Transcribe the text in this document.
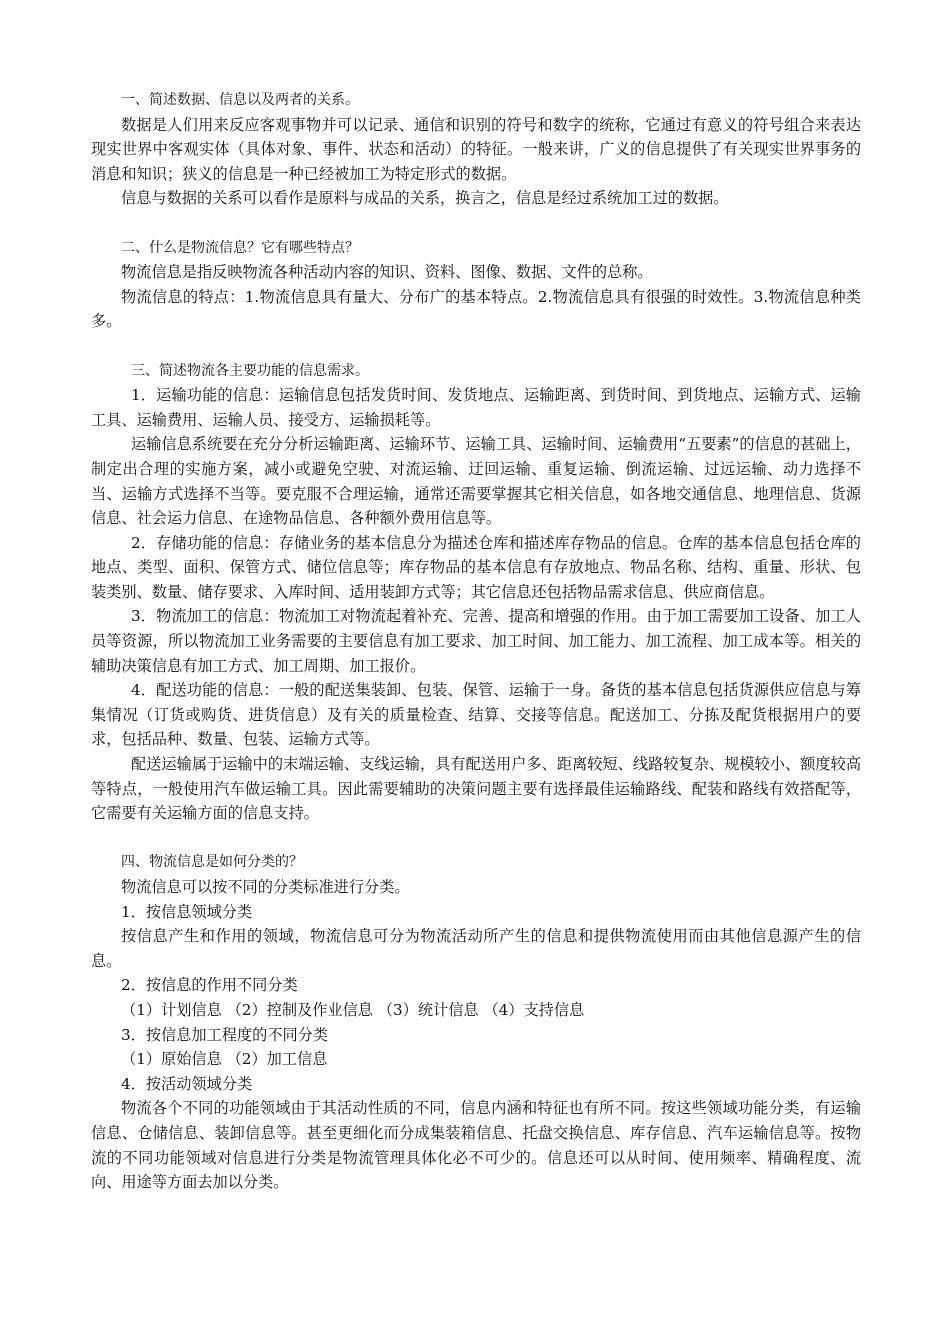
一、简述数据、信息以及两者的关系。

数据是人们用来反应客观事物并可以记录、通信和识别的符号和数字的统称，它通过有意义的符号组合来表达现实世界中客观实体（具体对象、事件、状态和活动）的特征。一般来讲，广义的信息提供了有关现实世界事务的消息和知识；狭义的信息是一种已经被加工为特定形式的数据。

信息与数据的关系可以看作是原料与成品的关系，换言之，信息是经过系统加工过的数据。

二、什么是物流信息？它有哪些特点？

物流信息是指反映物流各种活动内容的知识、资料、图像、数据、文件的总称。

物流信息的特点：1.物流信息具有量大、分布广的基本特点。2.物流信息具有很强的时效性。3.物流信息种类多。

三、简述物流各主要功能的信息需求。

1．运输功能的信息：运输信息包括发货时间、发货地点、运输距离、到货时间、到货地点、运输方式、运输工具、运输费用、运输人员、接受方、运输损耗等。

运输信息系统要在充分分析运输距离、运输环节、运输工具、运输时间、运输费用“五要素”的信息的甚础上，制定出合理的实施方案，减小或避免空驶、对流运输、迂回运输、重复运输、倒流运输、过远运输、动力选择不当、运输方式选择不当等。要克服不合理运输，通常还需要掌握其它相关信息，如各地交通信息、地理信息、货源信息、社会运力信息、在途物品信息、各种额外费用信息等。

2．存储功能的信息：存储业务的基本信息分为描述仓库和描述库存物品的信息。仓库的基本信息包括仓库的地点、类型、面积、保管方式、储位信息等；库存物品的基本信息有存放地点、物品名称、结构、重量、形状、包装类别、数量、储存要求、入库时间、适用装卸方式等；其它信息还包括物品需求信息、供应商信息。

3．物流加工的信息：物流加工对物流起着补充、完善、提高和增强的作用。由于加工需要加工设备、加工人员等资源，所以物流加工业务需要的主要信息有加工要求、加工时间、加工能力、加工流程、加工成本等。相关的辅助决策信息有加工方式、加工周期、加工报价。

4．配送功能的信息：一般的配送集装卸、包装、保管、运输于一身。备货的基本信息包括货源供应信息与筹集情况（订货或购货、进货信息）及有关的质量检查、结算、交接等信息。配送加工、分拣及配货根据用户的要求，包括品种、数量、包装、运输方式等。

配送运输属于运输中的末端运输、支线运输，具有配送用户多、距离较短、线路较复杂、规模较小、额度较高等特点，一般使用汽车做运输工具。因此需要辅助的决策问题主要有选择最佳运输路线、配装和路线有效搭配等，它需要有关运输方面的信息支持。

四、物流信息是如何分类的？

物流信息可以按不同的分类标准进行分类。

1．按信息领域分类

按信息产生和作用的领域，物流信息可分为物流活动所产生的信息和提供物流使用而由其他信息源产生的信息。

2．按信息的作用不同分类

（1）计划信息 （2）控制及作业信息 （3）统计信息 （4）支持信息

3．按信息加工程度的不同分类

（1）原始信息 （2）加工信息

4．按活动领域分类

物流各个不同的功能领域由于其活动性质的不同，信息内涵和特征也有所不同。按这些领域功能分类，有运输信息、仓储信息、装卸信息等。甚至更细化而分成集装箱信息、托盘交换信息、库存信息、汽车运输信息等。按物流的不同功能领域对信息进行分类是物流管理具体化必不可少的。信息还可以从时间、使用频率、精确程度、流向、用途等方面去加以分类。
